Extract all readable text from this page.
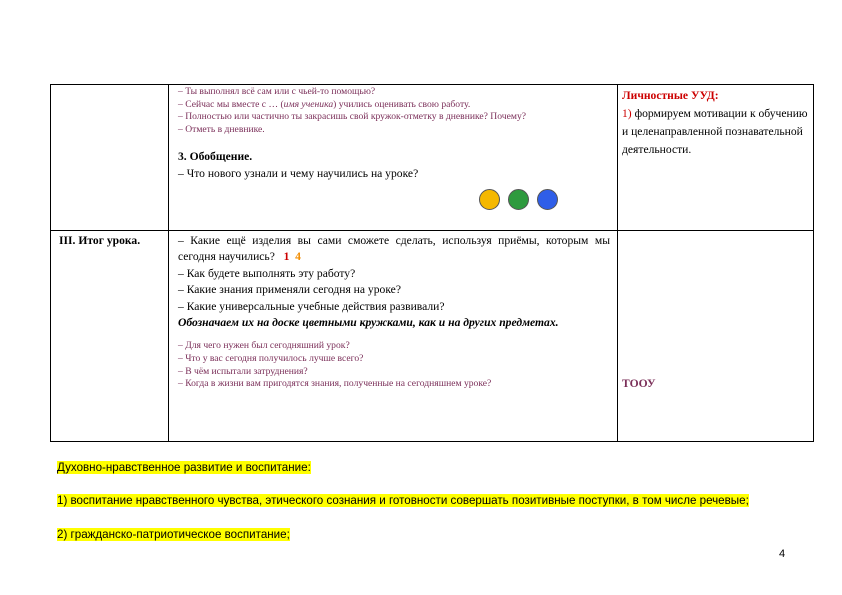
– Ты выполнял всё сам или с чьей-то помощью?
– Сейчас мы вместе с … (имя ученика) учились оценивать свою работу.
– Полностью или частично ты закрасишь свой кружок-отметку в дневнике? Почему?
– Отметь в дневнике.
3. Обобщение.
– Что нового узнали и чему научились на уроке?
Личностные УУД:
1) формируем мотивации к обучению и целенаправленной познавательной деятельности.
III. Итог урока.	– Какие ещё изделия вы сами сможете сделать, используя приёмы, которым мы сегодня научились? 1 4
– Как будете выполнять эту работу?
– Какие знания применяли сегодня на уроке?
– Какие универсальные учебные действия развивали?
Обозначаем их на доске цветными кружками, как и на других предметах.
– Для чего нужен был сегодняшний урок?
– Что у вас сегодня получилось лучше всего?
– В чём испытали затруднения?
– Когда в жизни вам пригодятся знания, полученные на сегодняшнем уроке?	ТООУ
Духовно-нравственное развитие и воспитание:
1) воспитание нравственного чувства, этического сознания и готовности совершать позитивные поступки, в том числе речевые;
2) гражданско-патриотическое воспитание;
4
